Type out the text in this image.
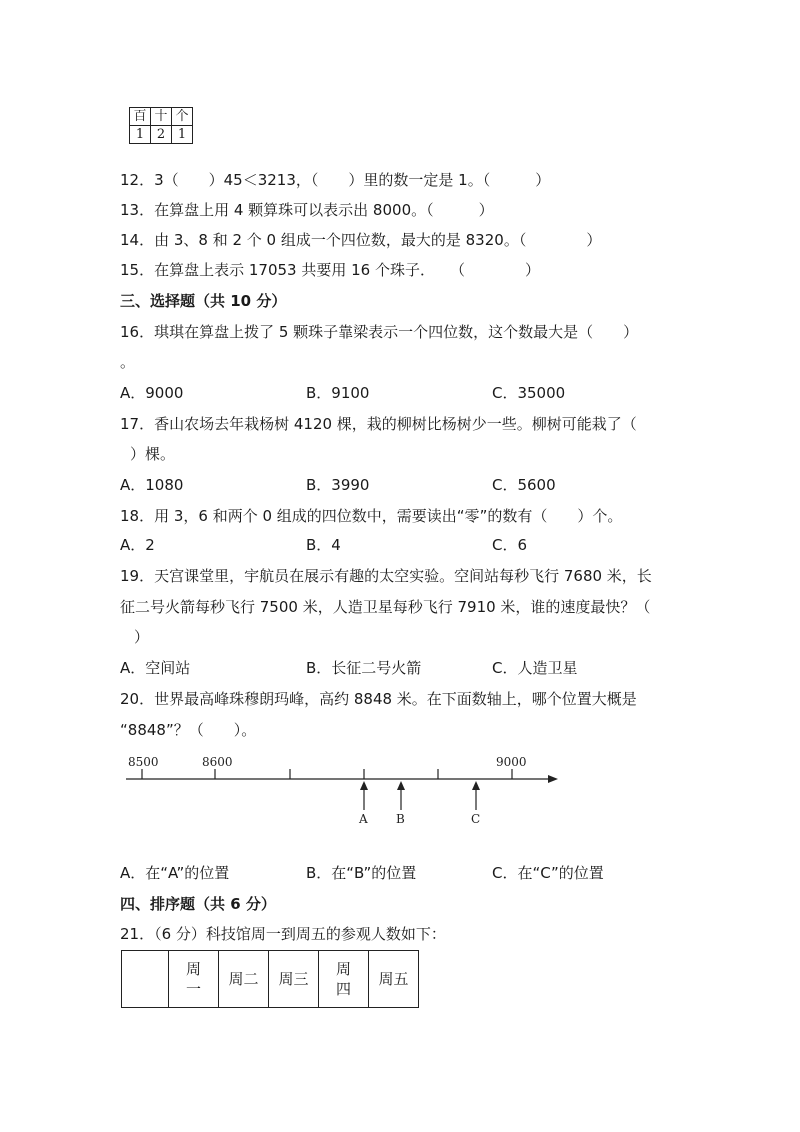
百	十	个
1	2	1
12．3（　　）45＜3213，（　　）里的数一定是 1。（　　　）
13．在算盘上用 4 颗算珠可以表示出 8000。（　　　）
14．由 3、8 和 2 个 0 组成一个四位数，最大的是 8320。（　　　　）
15．在算盘上表示 17053 共要用 16 个珠子．　　（　　　　）
三、选择题（共 10 分）
16．琪琪在算盘上拨了 5 颗珠子靠梁表示一个四位数，这个数最大是（　　）
。
A．9000	B．9100	C．35000
17．香山农场去年栽杨树 4120 棵，栽的柳树比杨树少一些。柳树可能栽了（
）棵。
A．1080	B．3990	C．5600
18．用 3，6 和两个 0 组成的四位数中，需要读出“零”的数有（　　）个。
A．2	B．4	C．6
19．天宫课堂里，宇航员在展示有趣的太空实验。空间站每秒飞行 7680 米，长
征二号火箭每秒飞行 7500 米，人造卫星每秒飞行 7910 米，谁的速度最快？（
）
A．空间站	B．长征二号火箭	C．人造卫星
20．世界最高峰珠穆朗玛峰，高约 8848 米。在下面数轴上，哪个位置大概是
“8848”？（　　）。
8500	8600	9000
A B	C
A．在“A”的位置	B．在“B”的位置	C．在“C”的位置
四、排序题（共 6 分）
21．（6 分）科技馆周一到周五的参观人数如下：
	周一	周二	周三	周四	周五
